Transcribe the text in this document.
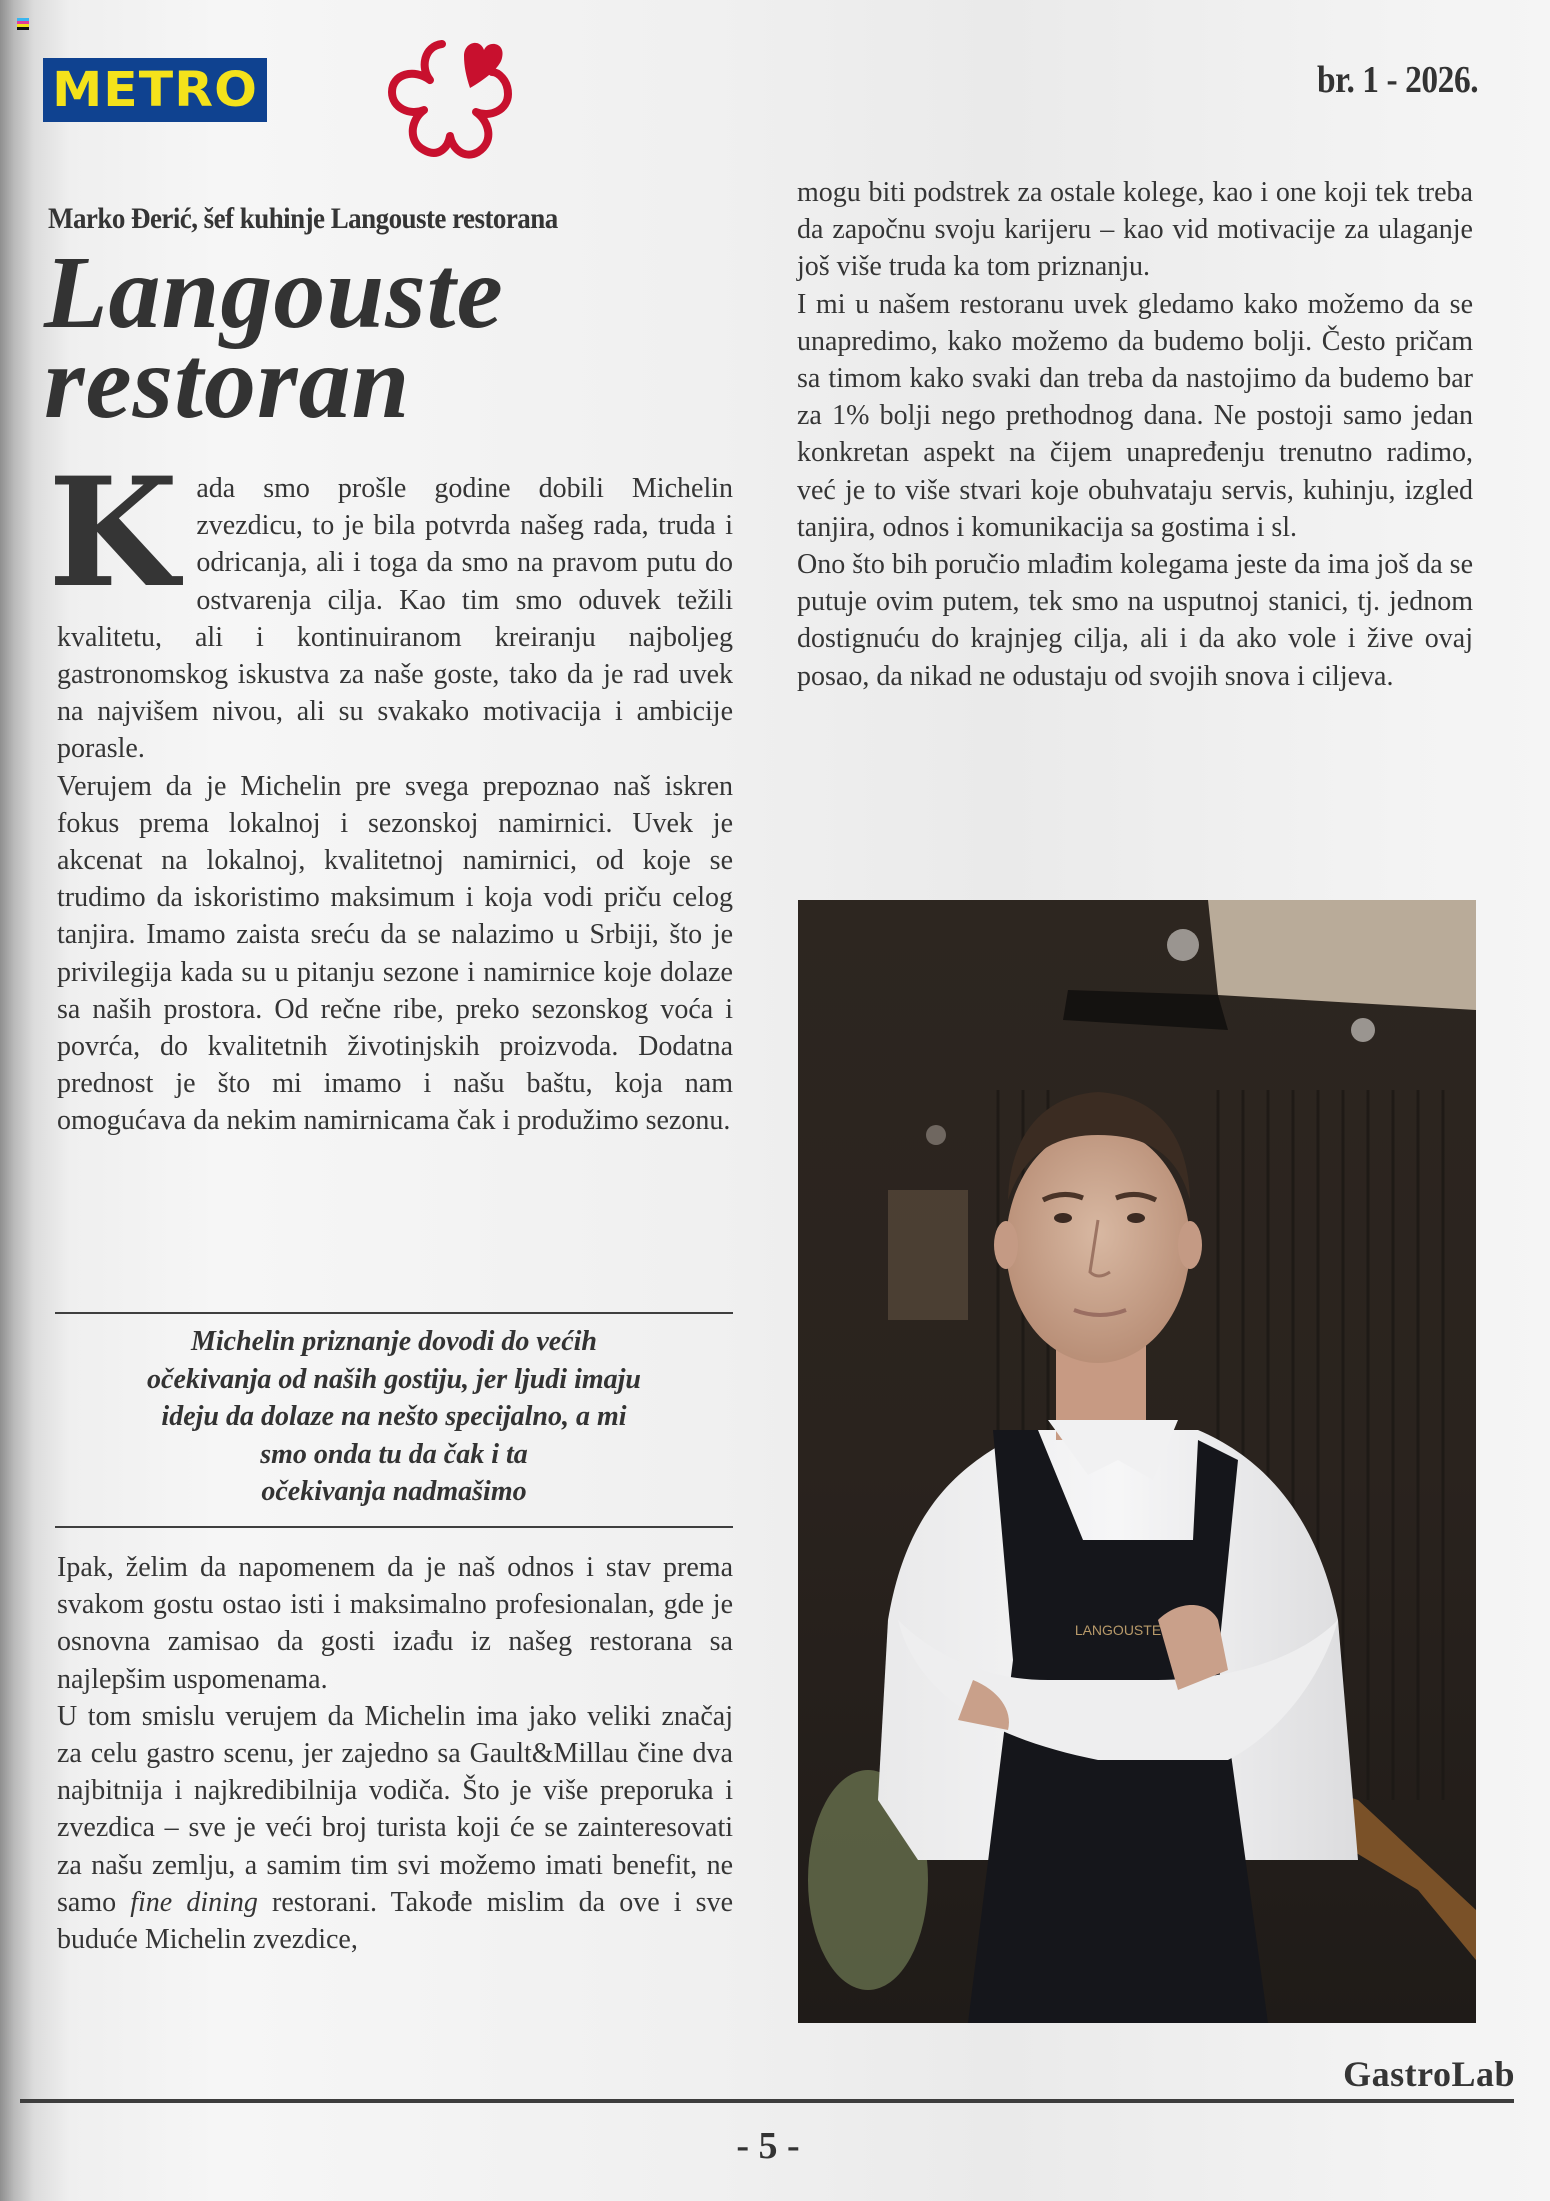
METRO	br. 1 - 2026.
Marko Đerić, šef kuhinje Langouste restorana
Langouste
restoran

Kada smo prošle godine dobili Michelin zvezdicu, to je bila potvrda našeg rada, truda i odricanja, ali i toga da smo na pravom putu do ostvarenja cilja. Kao tim smo oduvek težili kvalitetu, ali i kontinuiranom kreiranju najboljeg gastronomskog iskustva za naše goste, tako da je rad uvek na najvišem nivou, ali su svakako motivacija i ambicije porasle.

Verujem da je Michelin pre svega prepoznao naš iskren fokus prema lokalnoj i sezonskoj namirnici. Uvek je akcenat na lokalnoj, kvalitetnoj namirnici, od koje se trudimo da iskoristimo maksimum i koja vodi priču celog tanjira. Imamo zaista sreću da se nalazimo u Srbiji, što je privilegija kada su u pitanju sezone i namirnice koje dolaze sa naših prostora. Od rečne ribe, preko sezonskog voća i povrća, do kvalitetnih životinjskih proizvoda. Dodatna prednost je što mi imamo i našu baštu, koja nam omogućava da nekim namirnicama čak i produžimo sezonu.

Michelin priznanje dovodi do većih
očekivanja od naših gostiju, jer ljudi imaju
ideju da dolaze na nešto specijalno, a mi
smo onda tu da čak i ta
očekivanja nadmašimo

Ipak, želim da napomenem da je naš odnos i stav prema svakom gostu ostao isti i maksimalno profesionalan, gde je osnovna zamisao da gosti izađu iz našeg restorana sa najlepšim uspomenama.

U tom smislu verujem da Michelin ima jako veliki značaj za celu gastro scenu, jer zajedno sa Gault&Millau čine dva najbitnija i najkredibilnija vodiča. Što je više preporuka i zvezdica – sve je veći broj turista koji će se zainteresovati za našu zemlju, a samim tim svi možemo imati benefit, ne samo fine dining restorani. Takođe mislim da ove i sve buduće Michelin zvezdice,

mogu biti podstrek za ostale kolege, kao i one koji tek treba da započnu svoju karijeru – kao vid motivacije za ulaganje još više truda ka tom priznanju.

I mi u našem restoranu uvek gledamo kako možemo da se unapredimo, kako možemo da budemo bolji. Često pričam sa timom kako svaki dan treba da nastojimo da budemo bar za 1% bolji nego prethodnog dana. Ne postoji samo jedan konkretan aspekt na čijem unapređenju trenutno radimo, već je to više stvari koje obuhvataju servis, kuhinju, izgled tanjira, odnos i komunikacija sa gostima i sl.

Ono što bih poručio mlađim kolegama jeste da ima još da se putuje ovim putem, tek smo na usputnoj stanici, tj. jednom dostignuću do krajnjeg cilja, ali i da ako vole i žive ovaj posao, da nikad ne odustaju od svojih snova i ciljeva.

LANGOUSTE
GastroLab
- 5 -
